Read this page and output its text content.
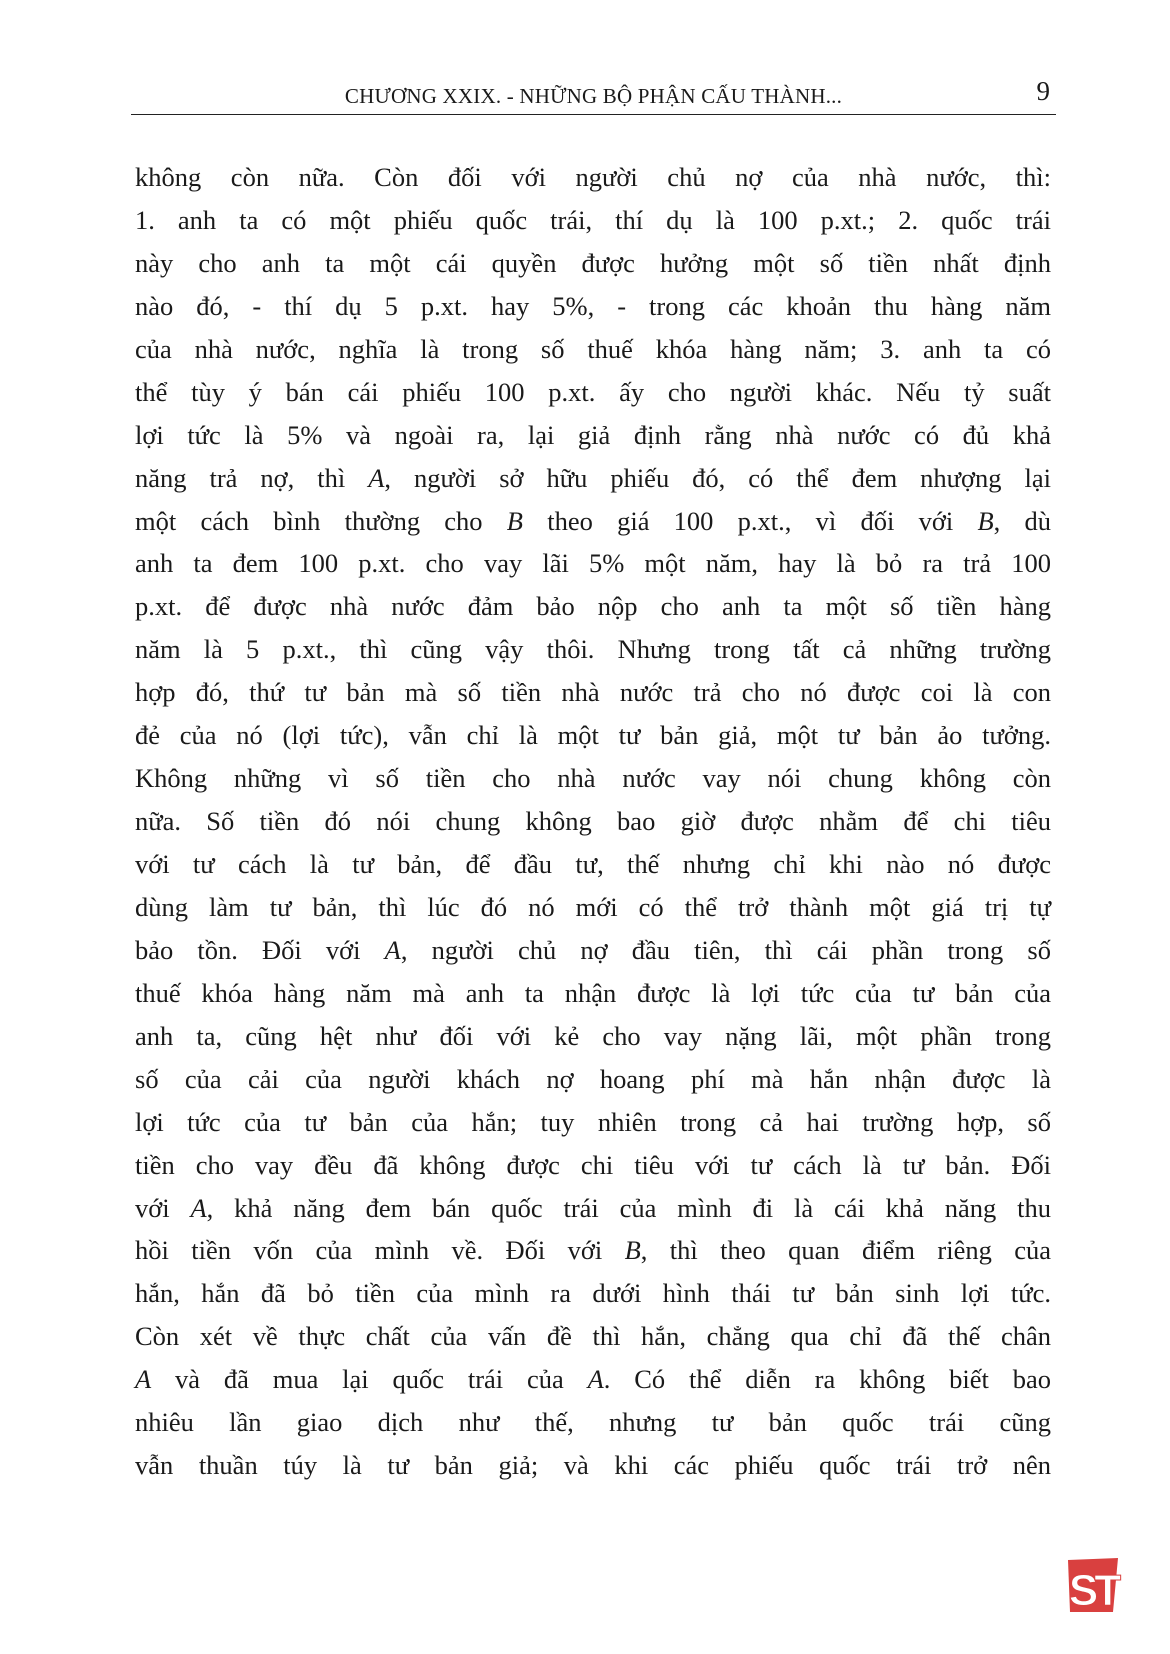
CHƯƠNG XXIX. - NHỮNG BỘ PHẬN CẤU THÀNH...	9
không còn nữa. Còn đối với người chủ nợ của nhà nước, thì:
1. anh ta có một phiếu quốc trái, thí dụ là 100 p.xt.; 2. quốc trái
này cho anh ta một cái quyền được hưởng một số tiền nhất định
nào đó, - thí dụ 5 p.xt. hay 5%, - trong các khoản thu hàng năm
của nhà nước, nghĩa là trong số thuế khóa hàng năm; 3. anh ta có
thể tùy ý bán cái phiếu 100 p.xt. ấy cho người khác. Nếu tỷ suất
lợi tức là 5% và ngoài ra, lại giả định rằng nhà nước có đủ khả
năng trả nợ, thì A, người sở hữu phiếu đó, có thể đem nhượng lại
một cách bình thường cho B theo giá 100 p.xt., vì đối với B, dù
anh ta đem 100 p.xt. cho vay lãi 5% một năm, hay là bỏ ra trả 100
p.xt. để được nhà nước đảm bảo nộp cho anh ta một số tiền hàng
năm là 5 p.xt., thì cũng vậy thôi. Nhưng trong tất cả những trường
hợp đó, thứ tư bản mà số tiền nhà nước trả cho nó được coi là con
đẻ của nó (lợi tức), vẫn chỉ là một tư bản giả, một tư bản ảo tưởng.
Không những vì số tiền cho nhà nước vay nói chung không còn
nữa. Số tiền đó nói chung không bao giờ được nhằm để chi tiêu
với tư cách là tư bản, để đầu tư, thế nhưng chỉ khi nào nó được
dùng làm tư bản, thì lúc đó nó mới có thể trở thành một giá trị tự
bảo tồn. Đối với A, người chủ nợ đầu tiên, thì cái phần trong số
thuế khóa hàng năm mà anh ta nhận được là lợi tức của tư bản của
anh ta, cũng hệt như đối với kẻ cho vay nặng lãi, một phần trong
số của cải của người khách nợ hoang phí mà hắn nhận được là
lợi tức của tư bản của hắn; tuy nhiên trong cả hai trường hợp, số
tiền cho vay đều đã không được chi tiêu với tư cách là tư bản. Đối
với A, khả năng đem bán quốc trái của mình đi là cái khả năng thu
hồi tiền vốn của mình về. Đối với B, thì theo quan điểm riêng của
hắn, hắn đã bỏ tiền của mình ra dưới hình thái tư bản sinh lợi tức.
Còn xét về thực chất của vấn đề thì hắn, chẳng qua chỉ đã thế chân
A và đã mua lại quốc trái của A. Có thể diễn ra không biết bao
nhiêu lần giao dịch như thế, nhưng tư bản quốc trái cũng
vẫn thuần túy là tư bản giả; và khi các phiếu quốc trái trở nên
ST
